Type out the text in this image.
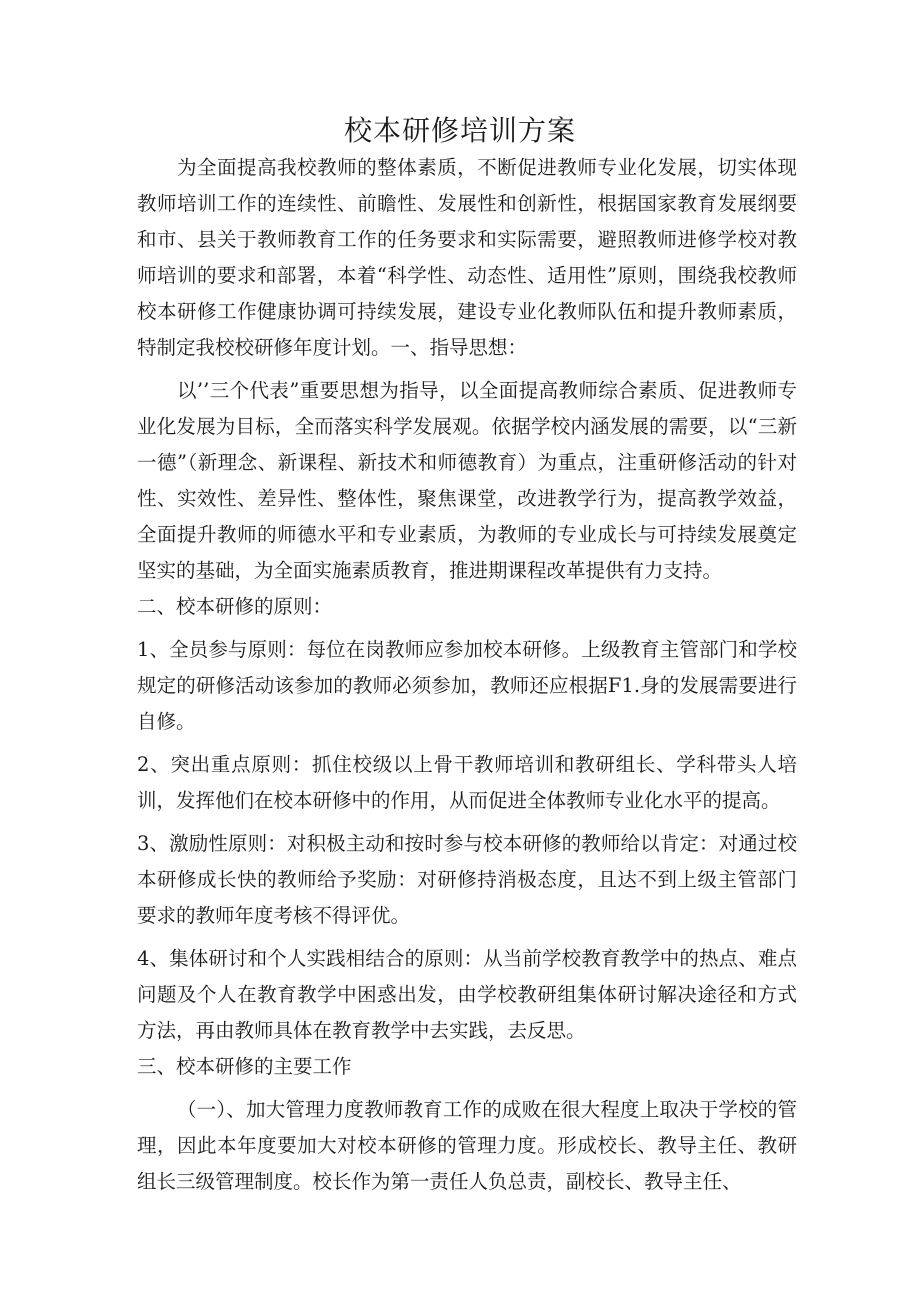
校本研修培训方案

为全面提高我校教师的整体素质，不断促进教师专业化发展，切实体现教师培训工作的连续性、前瞻性、发展性和创新性，根据国家教育发展纲要和市、县关于教师教育工作的任务要求和实际需要，避照教师进修学校对教师培训的要求和部署，本着“科学性、动态性、适用性”原则，围绕我校教师校本研修工作健康协调可持续发展，建设专业化教师队伍和提升教师素质，特制定我校校研修年度计划。一、指导思想：

以’’三个代表”重要思想为指导，以全面提高教师综合素质、促进教师专业化发展为目标，全而落实科学发展观。依据学校内涵发展的需要，以“三新一德”（新理念、新课程、新技术和师德教育）为重点，注重研修活动的针对性、实效性、差异性、整体性，聚焦课堂，改进教学行为，提高教学效益，全面提升教师的师德水平和专业素质，为教师的专业成长与可持续发展奠定坚实的基础，为全面实施素质教育，推进期课程改革提供有力支持。

二、校本研修的原则：

1、全员参与原则：每位在岗教师应参加校本研修。上级教育主管部门和学校规定的研修活动该参加的教师必须参加，教师还应根据F1.身的发展需要进行自修。

2、突出重点原则：抓住校级以上骨干教师培训和教研组长、学科带头人培训，发挥他们在校本研修中的作用，从而促进全体教师专业化水平的提高。

3、激励性原则：对积极主动和按时参与校本研修的教师给以肯定：对通过校本研修成长快的教师给予奖励：对研修持消极态度，且达不到上级主管部门要求的教师年度考核不得评优。

4、集体研讨和个人实践相结合的原则：从当前学校教育教学中的热点、难点问题及个人在教育教学中困惑出发，由学校教研组集体研讨解决途径和方式方法，再由教师具体在教育教学中去实践，去反思。

三、校本研修的主要工作

（一）、加大管理力度教师教育工作的成败在很大程度上取决于学校的管理，因此本年度要加大对校本研修的管理力度。形成校长、教导主任、教研组长三级管理制度。校长作为第一责任人负总责，副校长、教导主任、
